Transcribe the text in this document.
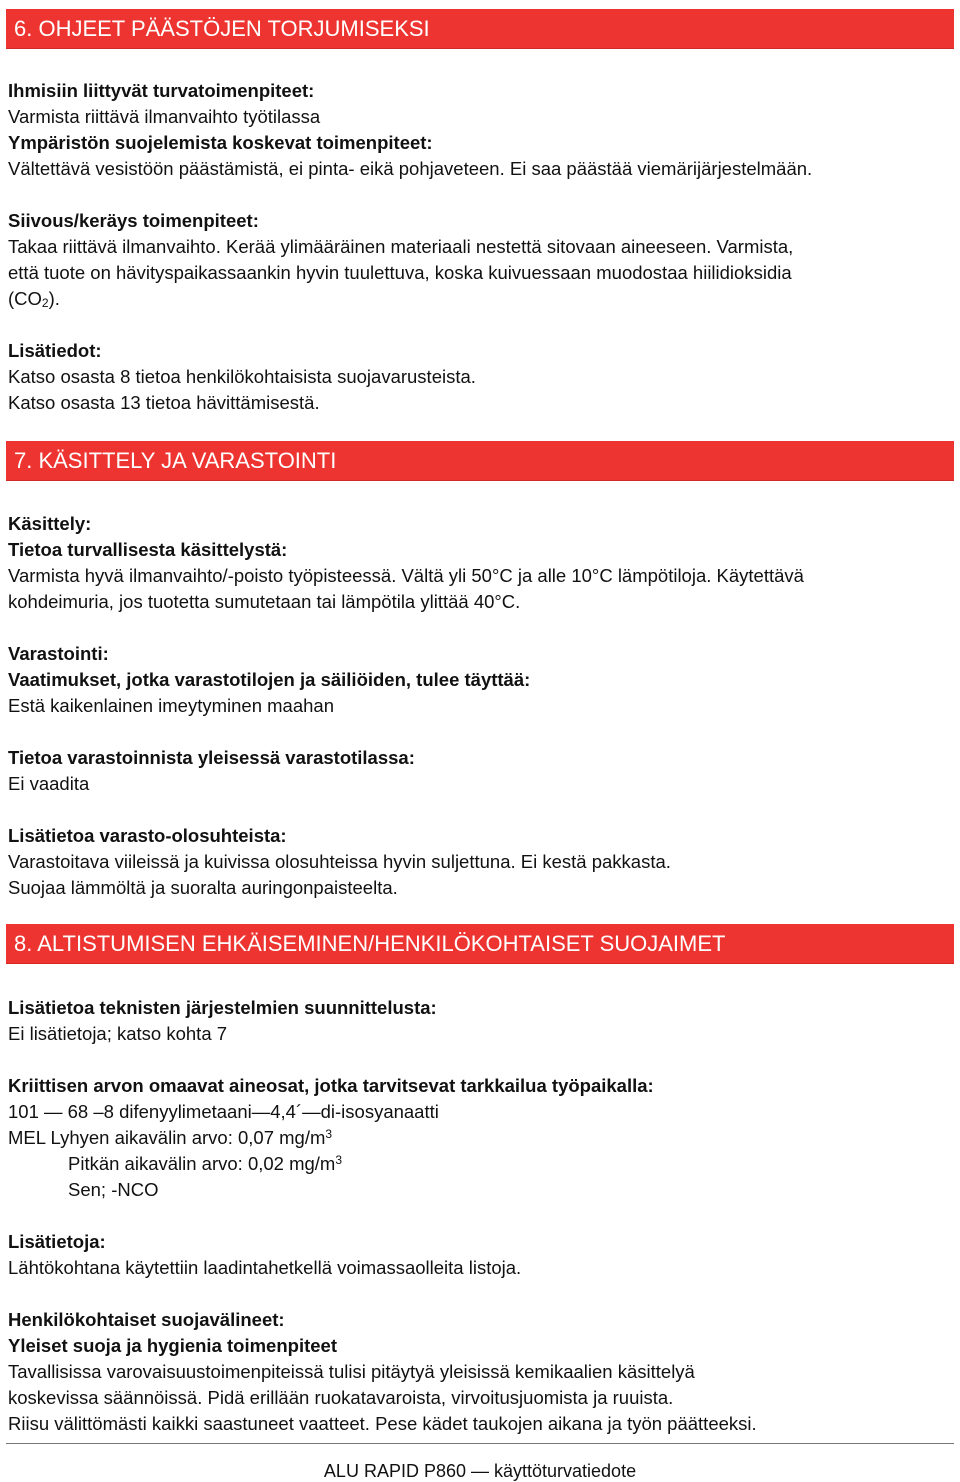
6. OHJEET PÄÄSTÖJEN TORJUMISEKSI
Ihmisiin liittyvät turvatoimenpiteet:
Varmista riittävä ilmanvaihto työtilassa
Ympäristön suojelemista koskevat toimenpiteet:
Vältettävä vesistöön päästämistä, ei pinta- eikä pohjaveteen. Ei saa päästää viemärijärjestelmään.
Siivous/keräys toimenpiteet:
Takaa riittävä ilmanvaihto. Kerää ylimääräinen materiaali nestettä sitovaan aineeseen. Varmista,
että tuote on hävityspaikassaankin hyvin tuulettuva, koska kuivuessaan muodostaa hiilidioksidia
$(CO_2)$.
Lisätiedot:
Katso osasta 8 tietoa henkilökohtaisista suojavarusteista.
Katso osasta 13 tietoa hävittämisestä.
7. KÄSITTELY JA VARASTOINTI
Käsittely:
Tietoa turvallisesta käsittelystä:
Varmista hyvä ilmanvaihto/-poisto työpisteessä. Vältä yli 50°C ja alle 10°C lämpötiloja. Käytettävä
kohdeimuria, jos tuotetta sumutetaan tai lämpötila ylittää 40°C.
Varastointi:
Vaatimukset, jotka varastotilojen ja säiliöiden, tulee täyttää:
Estä kaikenlainen imeytyminen maahan
Tietoa varastoinnista yleisessä varastotilassa:
Ei vaadita
Lisätietoa varasto-olosuhteista:
Varastoitava viileissä ja kuivissa olosuhteissa hyvin suljettuna. Ei kestä pakkasta.
Suojaa lämmöltä ja suoralta auringonpaisteelta.
8. ALTISTUMISEN EHKÄISEMINEN/HENKILÖKOHTAISET SUOJAIMET
Lisätietoa teknisten järjestelmien suunnittelusta:
Ei lisätietoja; katso kohta 7
Kriittisen arvon omaavat aineosat, jotka tarvitsevat tarkkailua työpaikalla:
101 — 68 –8 difenyylimetaani—4,4´—di-isosyanaatti
MEL Lyhyen aikavälin arvo: 0,07 $mg/m^3$
Pitkän aikavälin arvo: 0,02 $mg/m^3$
Sen; -NCO
Lisätietoja:
Lähtökohtana käytettiin laadintahetkellä voimassaolleita listoja.
Henkilökohtaiset suojavälineet:
Yleiset suoja ja hygienia toimenpiteet
Tavallisissa varovaisuustoimenpiteissä tulisi pitäytyä yleisissä kemikaalien käsittelyä
koskevissa säännöissä. Pidä erillään ruokatavaroista, virvoitusjuomista ja ruuista.
Riisu välittömästi kaikki saastuneet vaatteet. Pese kädet taukojen aikana ja työn päätteeksi.
ALU RAPID P860 — käyttöturvatiedote
